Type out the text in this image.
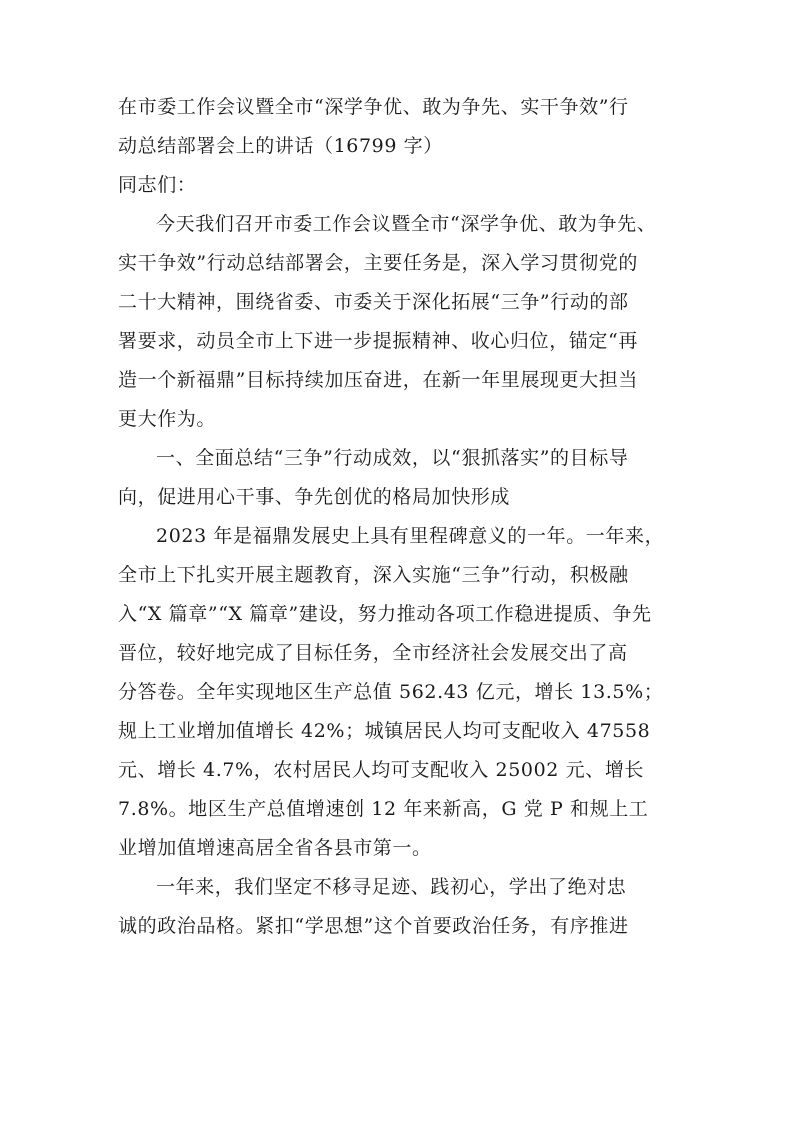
在市委工作会议暨全市“深学争优、敢为争先、实干争效”行
动总结部署会上的讲话（16799 字）
同志们：
今天我们召开市委工作会议暨全市“深学争优、敢为争先、
实干争效”行动总结部署会，主要任务是，深入学习贯彻党的
二十大精神，围绕省委、市委关于深化拓展“三争”行动的部
署要求，动员全市上下进一步提振精神、收心归位，锚定“再
造一个新福鼎”目标持续加压奋进，在新一年里展现更大担当
更大作为。
一、全面总结“三争”行动成效，以“狠抓落实”的目标导
向，促进用心干事、争先创优的格局加快形成
2023 年是福鼎发展史上具有里程碑意义的一年。一年来，
全市上下扎实开展主题教育，深入实施“三争”行动，积极融
入“X 篇章”“X 篇章”建设，努力推动各项工作稳进提质、争先
晋位，较好地完成了目标任务，全市经济社会发展交出了高
分答卷。全年实现地区生产总值 562.43 亿元，增长 13.5%；
规上工业增加值增长 42%；城镇居民人均可支配收入 47558
元、增长 4.7%，农村居民人均可支配收入 25002 元、增长
7.8%。地区生产总值增速创 12 年来新高，G 党 P 和规上工
业增加值增速高居全省各县市第一。
一年来，我们坚定不移寻足迹、践初心，学出了绝对忠
诚的政治品格。紧扣“学思想”这个首要政治任务，有序推进
